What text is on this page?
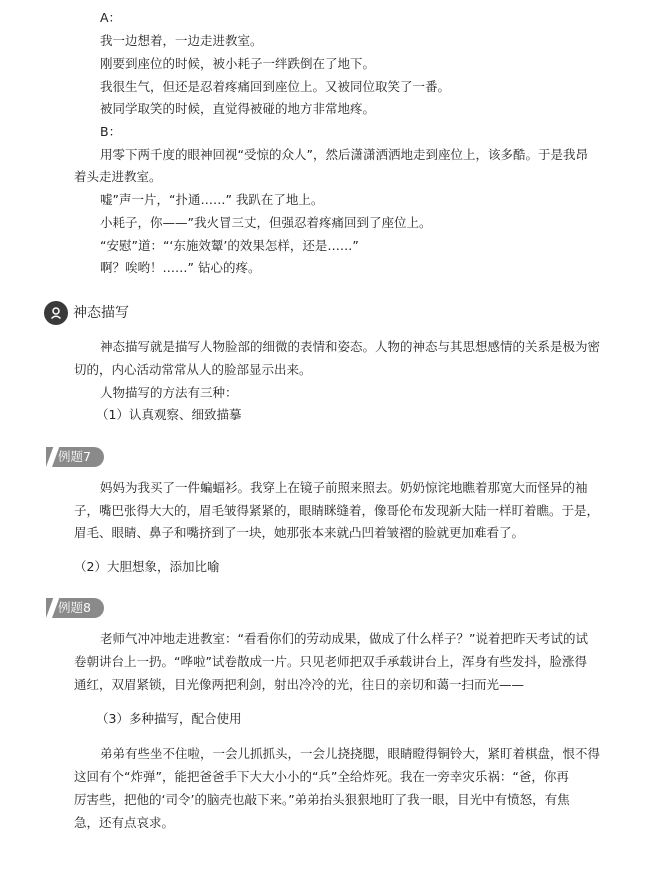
A：
我一边想着，一边走进教室。
刚要到座位的时候，被小耗子一绊跌倒在了地下。
我很生气，但还是忍着疼痛回到座位上。又被同位取笑了一番。
被同学取笑的时候，直觉得被碰的地方非常地疼。
B：
用零下两千度的眼神回视“受惊的众人”，然后潇潇洒洒地走到座位上，该多酷。于是我昂
着头走进教室。
嘘”声一片，“扑通……” 我趴在了地上。
小耗子，你——”我火冒三丈，但强忍着疼痛回到了座位上。
“安慰”道：“‘东施效颦’的效果怎样，还是……”
啊？唉哟！……” 钻心的疼。
神态描写
神态描写就是描写人物脸部的细微的表情和姿态。人物的神态与其思想感情的关系是极为密
切的，内心活动常常从人的脸部显示出来。
人物描写的方法有三种：
（1）认真观察、细致描摹
例题7
妈妈为我买了一件蝙蝠衫。我穿上在镜子前照来照去。奶奶惊诧地瞧着那宽大而怪异的袖
子，嘴巴张得大大的，眉毛皱得紧紧的，眼睛眯缝着，像哥伦布发现新大陆一样盯着瞧。于是，
眉毛、眼睛、鼻子和嘴挤到了一块，她那张本来就凸凹着皱褶的脸就更加难看了。
（2）大胆想象，添加比喻
例题8
老师气冲冲地走进教室：“看看你们的劳动成果，做成了什么样子？”说着把昨天考试的试
卷朝讲台上一扔。“哗啦”试卷散成一片。只见老师把双手承载讲台上，浑身有些发抖，脸涨得
通红，双眉紧锁，目光像两把利剑，射出冷冷的光，往日的亲切和蔼一扫而光——
（3）多种描写，配合使用
弟弟有些坐不住啦，一会儿抓抓头，一会儿挠挠腮，眼睛瞪得铜铃大，紧盯着棋盘，恨不得
这回有个“炸弹”，能把爸爸手下大大小小的“兵”全给炸死。我在一旁幸灾乐祸：“爸，你再
厉害些，把他的‘司令’的脑壳也敲下来。”弟弟抬头狠狠地盯了我一眼，目光中有愤怒，有焦
急，还有点哀求。
